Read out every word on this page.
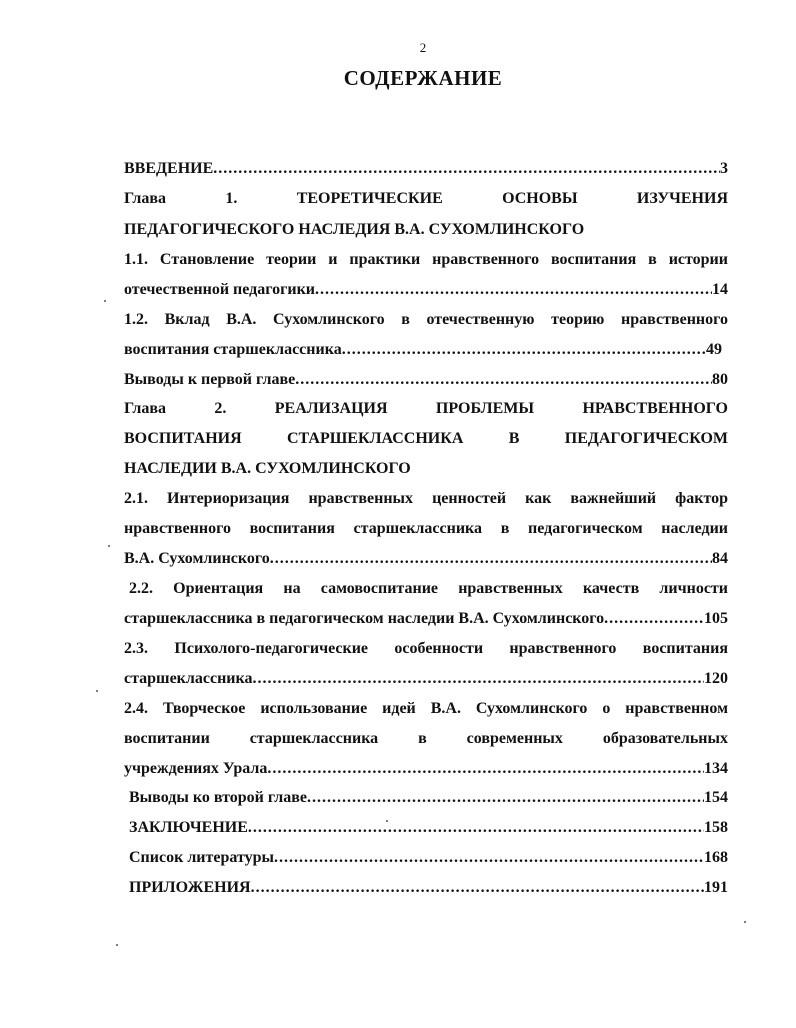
2
СОДЕРЖАНИЕ
ВВЕДЕНИЕ .....	3
Глава 1. ТЕОРЕТИЧЕСКИЕ ОСНОВЫ ИЗУЧЕНИЯ
ПЕДАГОГИЧЕСКОГО НАСЛЕДИЯ В.А. СУХОМЛИНСКОГО
1.1. Становление теории и практики нравственного воспитания в истории
отечественной педагогики .....	14
1.2. Вклад В.А. Сухомлинского в отечественную теорию нравственного
воспитания старшеклассника .....	49
Выводы к первой главе .....	80
Глава 2. РЕАЛИЗАЦИЯ ПРОБЛЕМЫ НРАВСТВЕННОГО
ВОСПИТАНИЯ СТАРШЕКЛАССНИКА В ПЕДАГОГИЧЕСКОМ
НАСЛЕДИИ В.А. СУХОМЛИНСКОГО
2.1. Интериоризация нравственных ценностей как важнейший фактор
нравственного воспитания старшеклассника в педагогическом наследии
В.А. Сухомлинского .....	84
2.2. Ориентация на самовоспитание нравственных качеств личности
старшеклассника в педагогическом наследии В.А. Сухомлинского .....	105
2.3. Психолого-педагогические особенности нравственного воспитания
старшеклассника .....	120
2.4. Творческое использование идей В.А. Сухомлинского о нравственном
воспитании старшеклассника в современных образовательных
учреждениях Урала .....	134
Выводы ко второй главе .....	154
ЗАКЛЮЧЕНИЕ .....	158
Список литературы .....	168
ПРИЛОЖЕНИЯ .....	191
